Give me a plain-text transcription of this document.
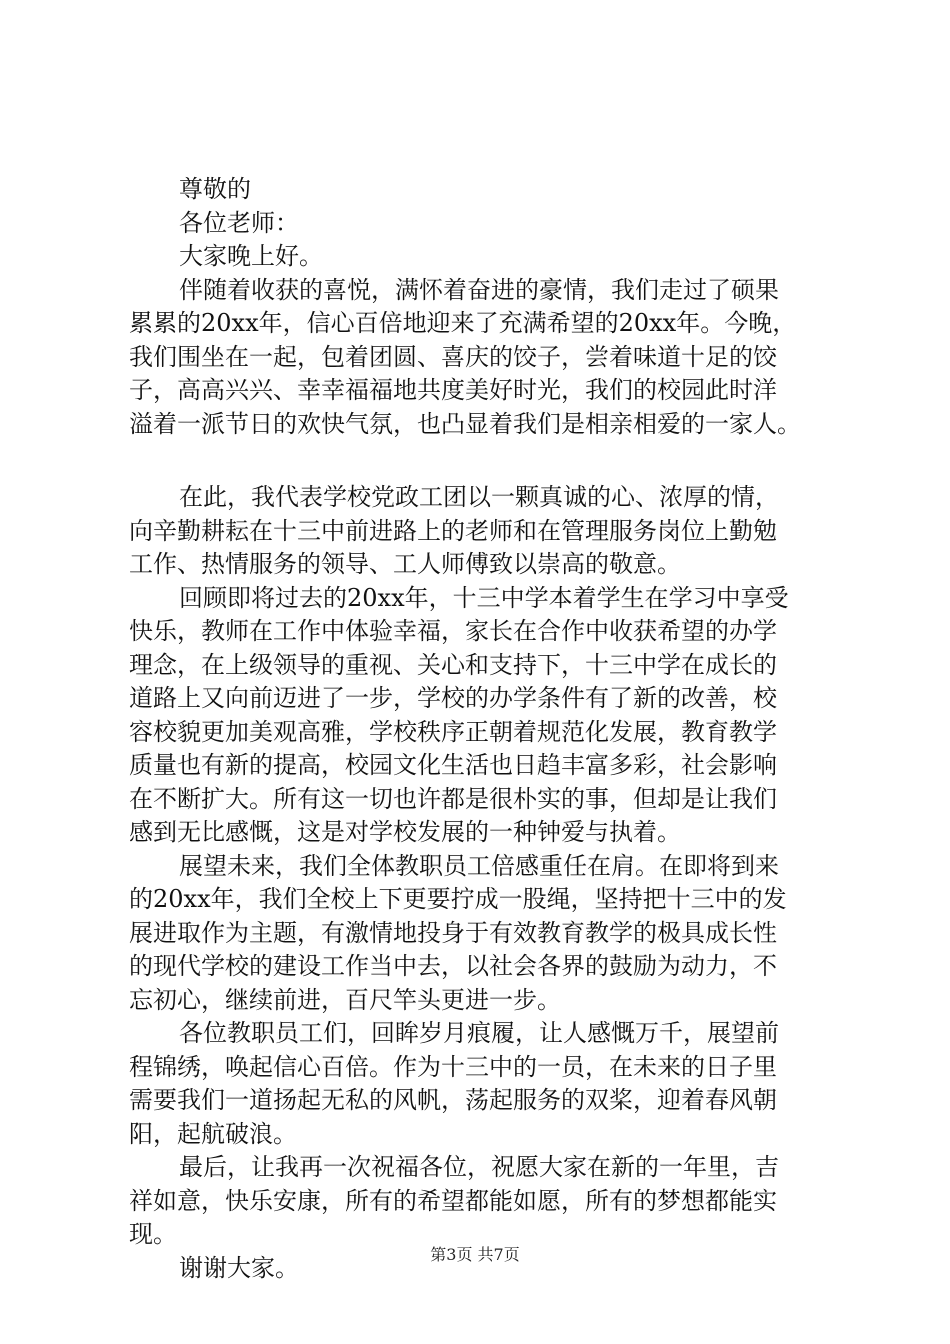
尊敬的
各位老师：
大家晚上好。
伴随着收获的喜悦，满怀着奋进的豪情，我们走过了硕果
累累的20xx年，信心百倍地迎来了充满希望的20xx年。今晚，
我们围坐在一起，包着团圆、喜庆的饺子，尝着味道十足的饺
子，高高兴兴、幸幸福福地共度美好时光，我们的校园此时洋
溢着一派节日的欢快气氛，也凸显着我们是相亲相爱的一家人。
在此，我代表学校党政工团以一颗真诚的心、浓厚的情，
向辛勤耕耘在十三中前进路上的老师和在管理服务岗位上勤勉
工作、热情服务的领导、工人师傅致以崇高的敬意。
回顾即将过去的20xx年，十三中学本着学生在学习中享受
快乐，教师在工作中体验幸福，家长在合作中收获希望的办学
理念，在上级领导的重视、关心和支持下，十三中学在成长的
道路上又向前迈进了一步，学校的办学条件有了新的改善，校
容校貌更加美观高雅，学校秩序正朝着规范化发展，教育教学
质量也有新的提高，校园文化生活也日趋丰富多彩，社会影响
在不断扩大。所有这一切也许都是很朴实的事，但却是让我们
感到无比感慨，这是对学校发展的一种钟爱与执着。
展望未来，我们全体教职员工倍感重任在肩。在即将到来
的20xx年，我们全校上下更要拧成一股绳，坚持把十三中的发
展进取作为主题，有激情地投身于有效教育教学的极具成长性
的现代学校的建设工作当中去，以社会各界的鼓励为动力，不
忘初心，继续前进，百尺竿头更进一步。
各位教职员工们，回眸岁月痕履，让人感慨万千，展望前
程锦绣，唤起信心百倍。作为十三中的一员，在未来的日子里
需要我们一道扬起无私的风帆，荡起服务的双桨，迎着春风朝
阳，起航破浪。
最后，让我再一次祝福各位，祝愿大家在新的一年里，吉
祥如意，快乐安康，所有的希望都能如愿，所有的梦想都能实
现。
谢谢大家。	第3页 共7页
